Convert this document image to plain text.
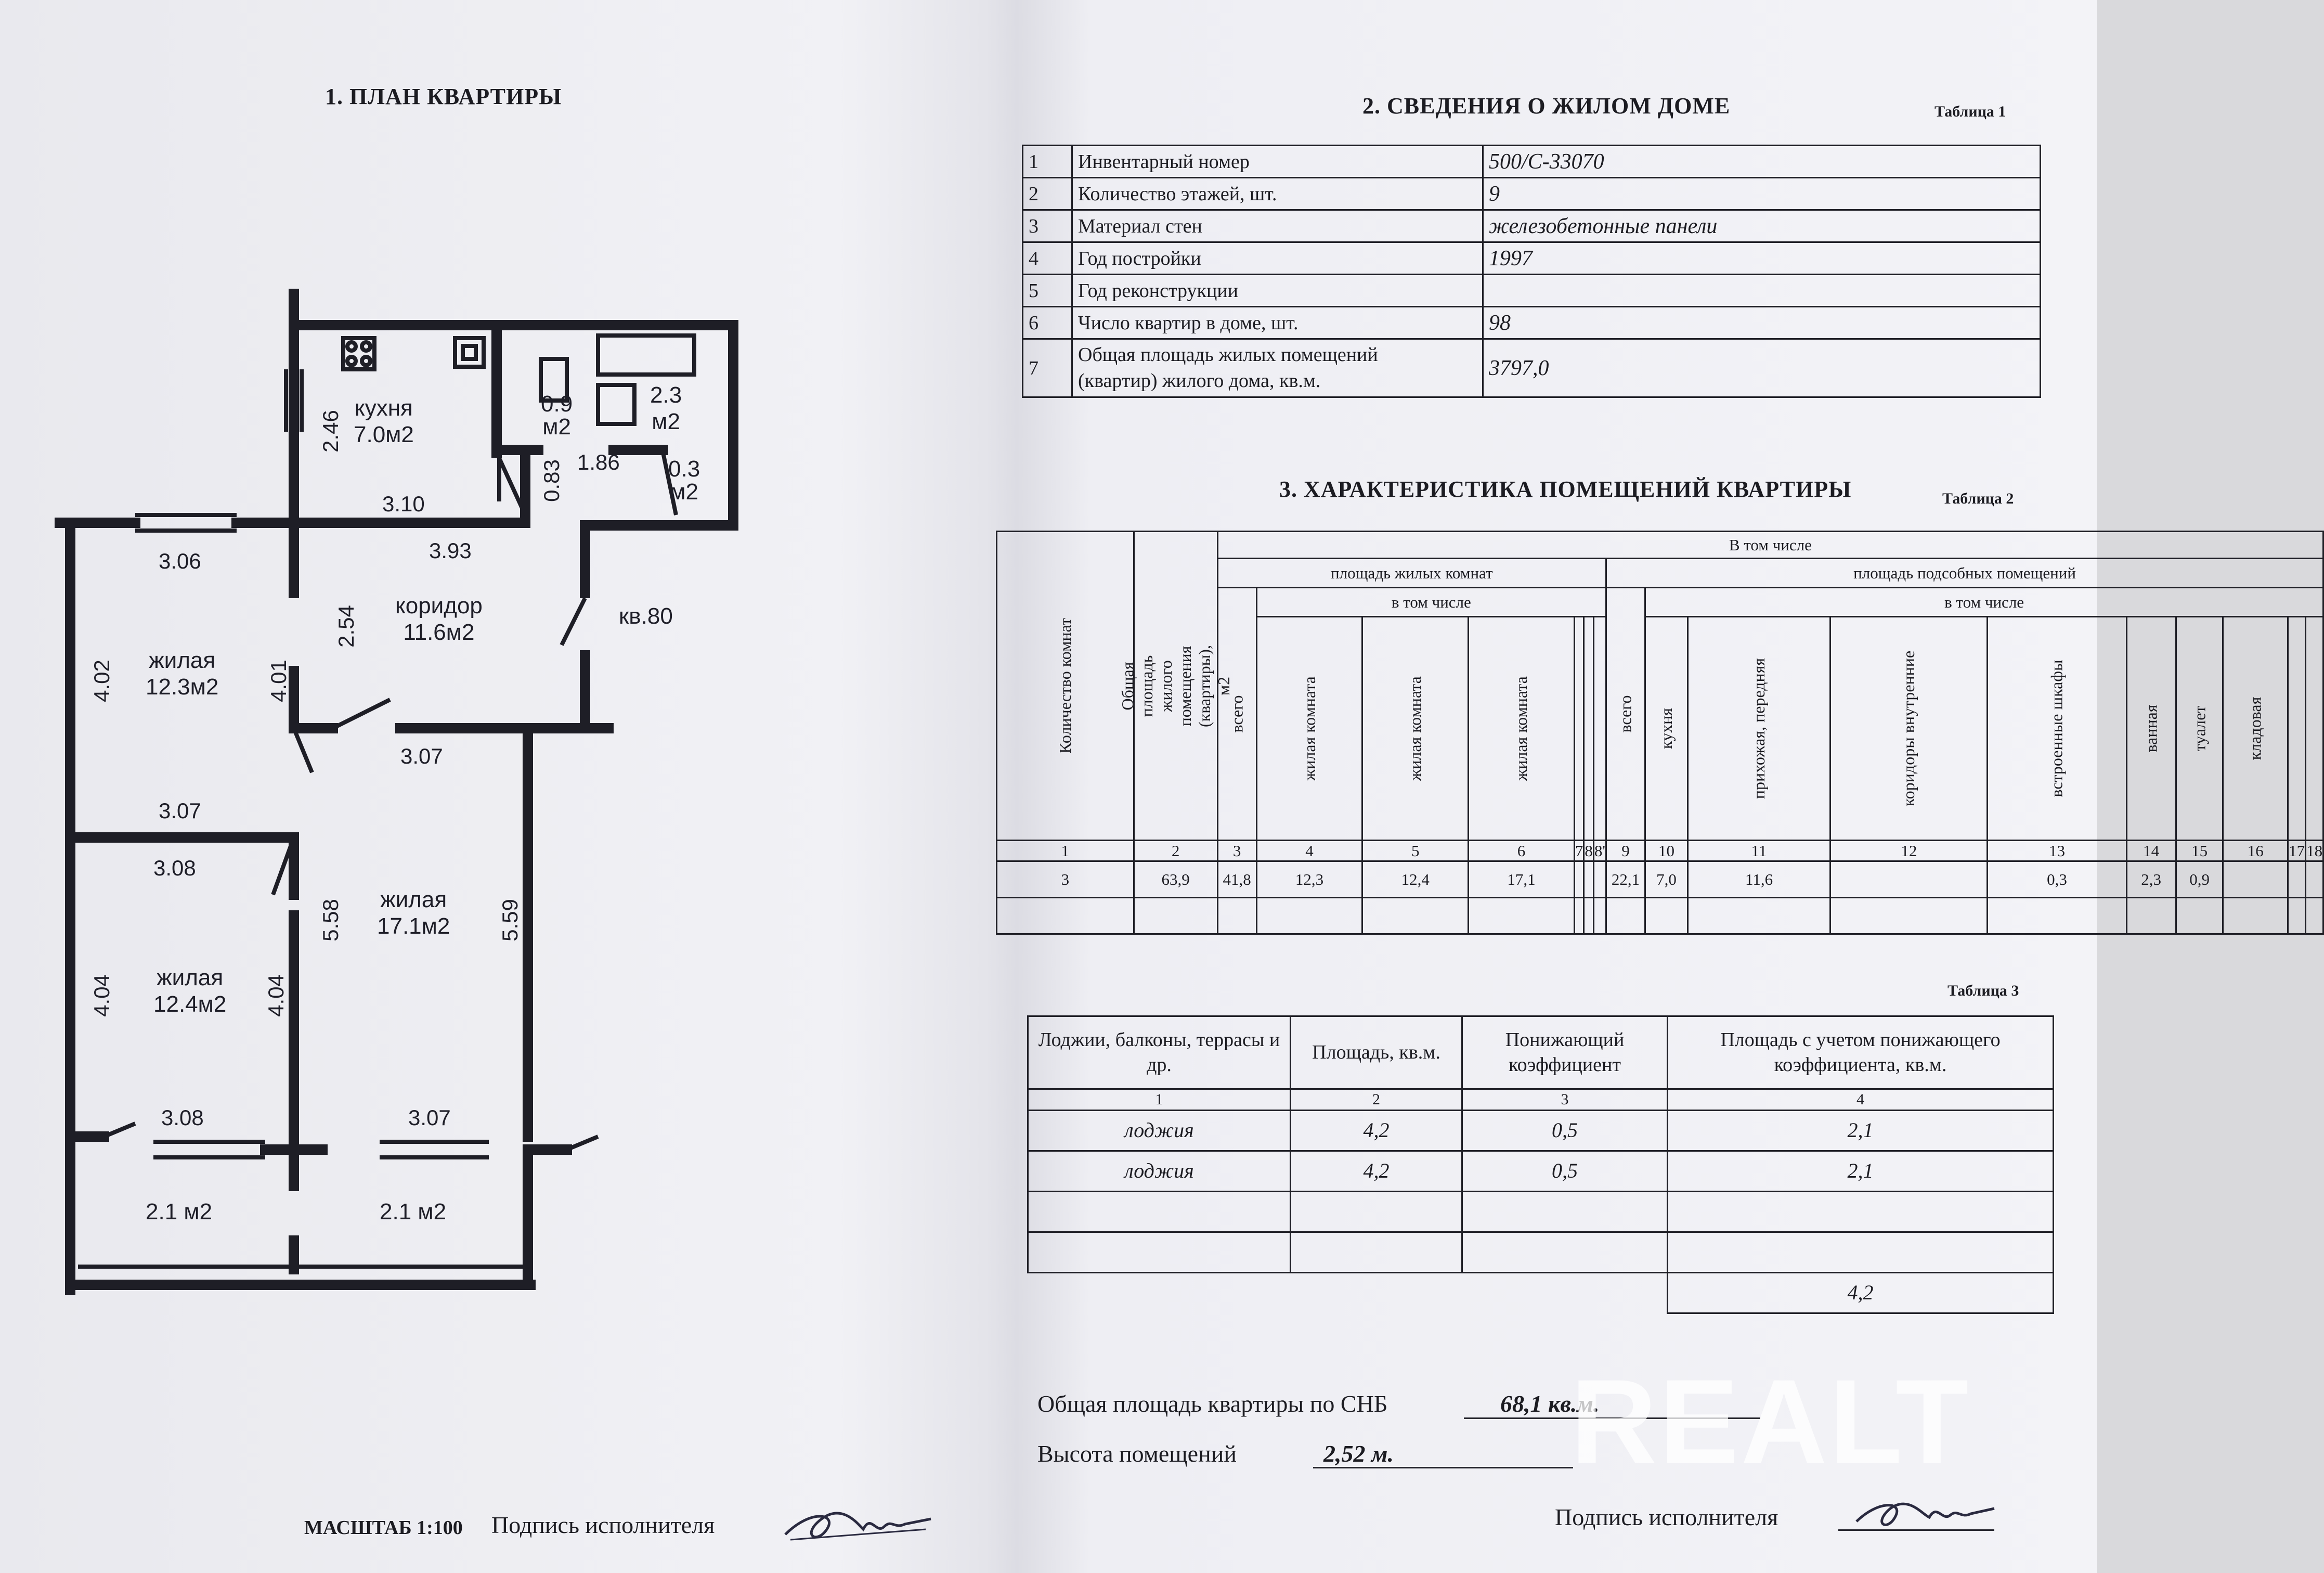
1. ПЛАН КВАРТИРЫ
кухня
7.0м2
0.9
м2
2.3
м2
0.3
м2
коридор
11.6м2
кв.80
жилая
12.3м2
жилая
17.1м2
жилая
12.4м2
2.1 м2	2.1 м2
3.10
1.86
3.93
3.06
3.07
3.07
3.08
3.08	3.07
2.46
0.83
2.54
4.02	4.01
5.58	5.59
4.04	4.04
МАСШТАБ 1:100 Подпись исполнителя
2. СВЕДЕНИЯ О ЖИЛОМ ДОМЕ	Таблица 1
1	Инвентарный номер	500/С-33070
2	Количество этажей, шт.	9
3	Материал стен	железобетонные панели
4	Год постройки	1997
5	Год реконструкции	
6	Число квартир в доме, шт.	98
7	Общая площадь жилых помещений
(квартир) жилого дома, кв.м.	3797,0
3. ХАРАКТЕРИСТИКА ПОМЕЩЕНИЙ КВАРТИРЫ	Таблица 2
Количество комнат	Общая площадь жилого помещения (квартиры), м2	В том числе																
		площадь жилых комнат							площадь подсобных помещений									
		всего	в том числе						всего	в том числе								
			жилая комната	жилая комната	жилая комната					кухня	прихожая, передняя	коридоры внутренние	встроенные шкафы	ванная	туалет	кладовая		
1	2	3	4	5	6	7	8	8'	9	10	11	12	13	14	15	16	17	18
3	63,9	41,8	12,3	12,4	17,1				22,1	7,0	11,6		0,3	2,3	0,9			

Таблица 3
Лоджии, балконы, террасы и др.	Площадь, кв.м.	Понижающий коэффициент	Площадь с учетом понижающего коэффициента, кв.м.
1	2	3	4
лоджия	4,2	0,5	2,1
лоджия	4,2	0,5	2,1

			4,2
Общая площадь квартиры по СНБ	68,1 кв.м.
Высота помещений	2,52 м.
Подпись исполнителя
REALT
